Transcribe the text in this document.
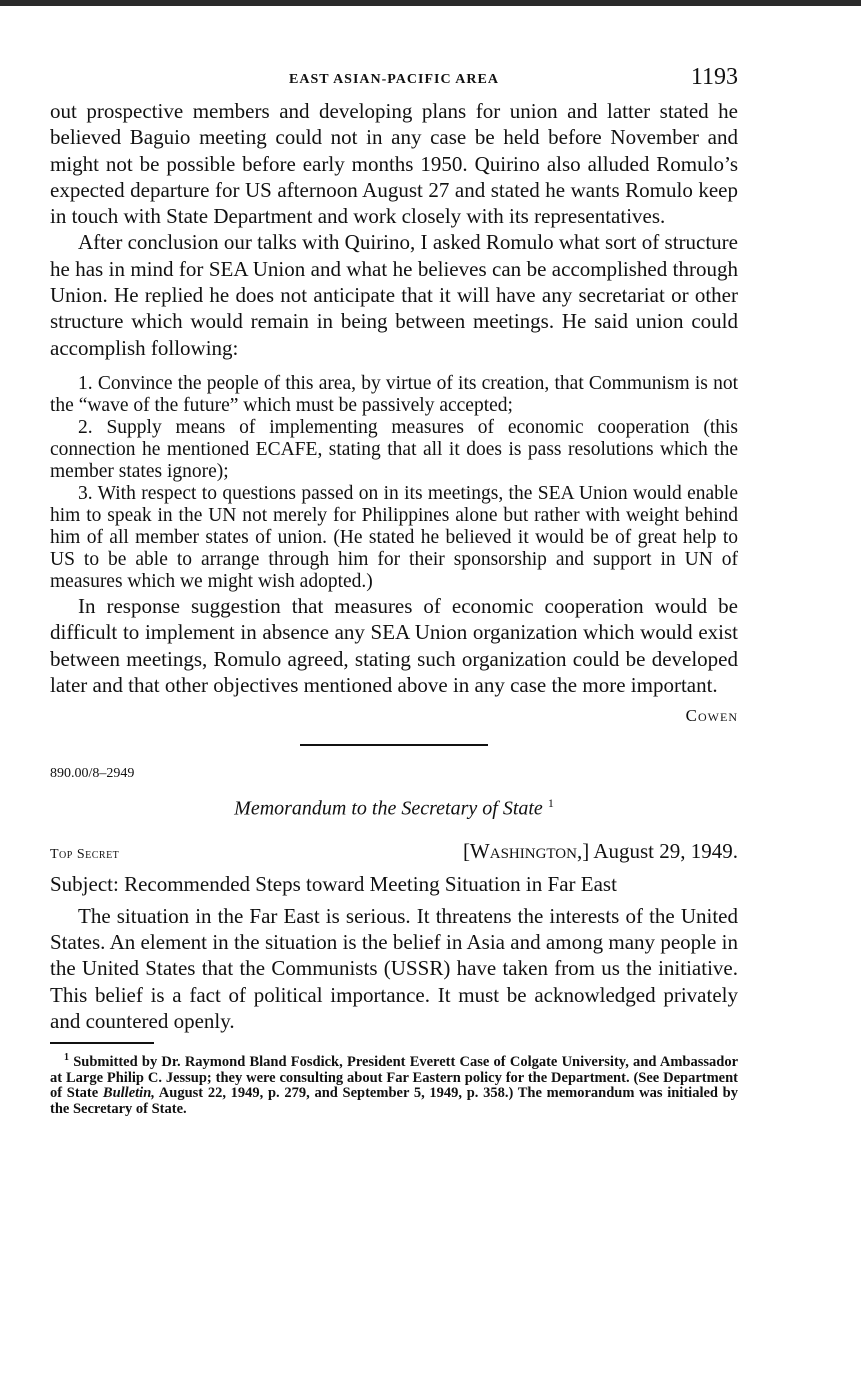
EAST ASIAN-PACIFIC AREA	1193

out prospective members and developing plans for union and latter stated he believed Baguio meeting could not in any case be held before November and might not be possible before early months 1950. Quirino also alluded Romulo’s expected departure for US afternoon August 27 and stated he wants Romulo keep in touch with State Department and work closely with its representatives.

After conclusion our talks with Quirino, I asked Romulo what sort of structure he has in mind for SEA Union and what he believes can be accomplished through Union. He replied he does not anticipate that it will have any secretariat or other structure which would remain in being between meetings. He said union could accomplish following:

1. Convince the people of this area, by virtue of its creation, that Communism is not the “wave of the future” which must be passively accepted;

2. Supply means of implementing measures of economic cooperation (this connection he mentioned ECAFE, stating that all it does is pass resolutions which the member states ignore);

3. With respect to questions passed on in its meetings, the SEA Union would enable him to speak in the UN not merely for Philippines alone but rather with weight behind him of all member states of union. (He stated he believed it would be of great help to US to be able to arrange through him for their sponsorship and support in UN of measures which we might wish adopted.)

In response suggestion that measures of economic cooperation would be difficult to implement in absence any SEA Union organization which would exist between meetings, Romulo agreed, stating such organization could be developed later and that other objectives mentioned above in any case the more important.

Cowen
890.00/8–2949
Memorandum to the Secretary of State $^1$
Top Secret	[Washington,] August 29, 1949.
Subject: Recommended Steps toward Meeting Situation in Far East

The situation in the Far East is serious. It threatens the interests of the United States. An element in the situation is the belief in Asia and among many people in the United States that the Communists (USSR) have taken from us the initiative. This belief is a fact of political importance. It must be acknowledged privately and countered openly.

$^1$ Submitted by Dr. Raymond Bland Fosdick, President Everett Case of Colgate University, and Ambassador at Large Philip C. Jessup; they were consulting about Far Eastern policy for the Department. (See Department of State Bulletin, August 22, 1949, p. 279, and September 5, 1949, p. 358.) The memorandum was initialed by the Secretary of State.
